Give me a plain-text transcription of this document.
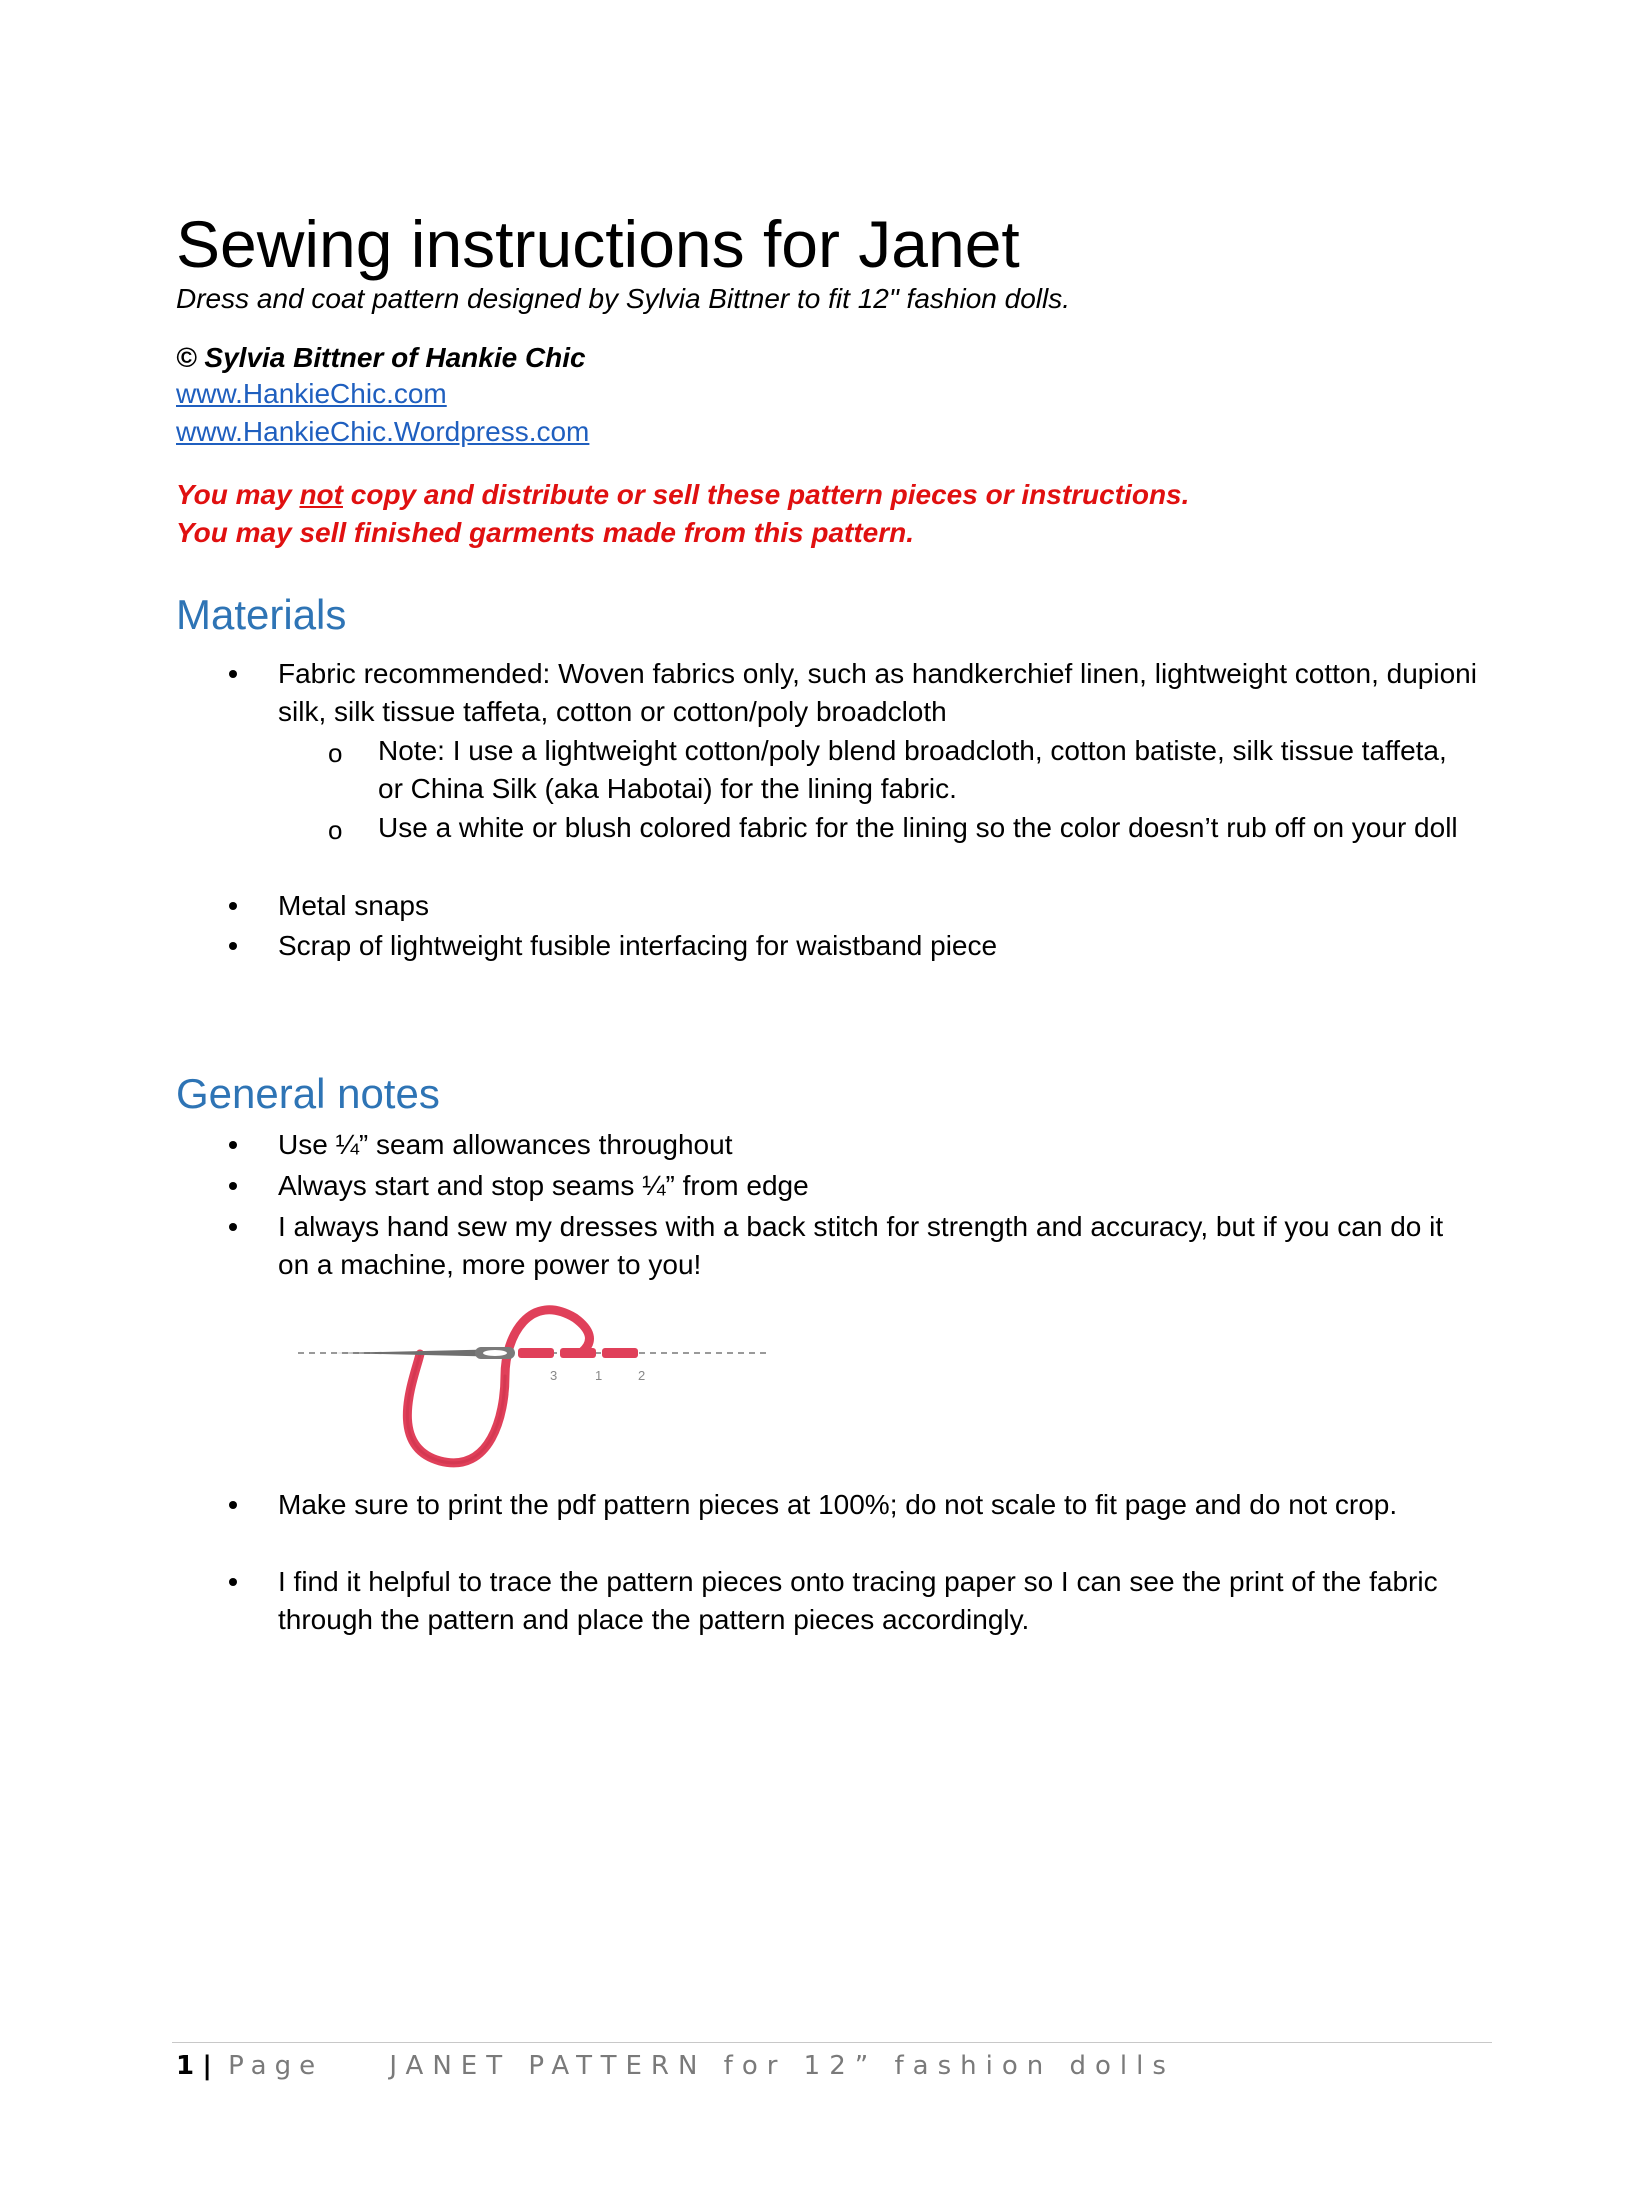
Sewing instructions for Janet
Dress and coat pattern designed by Sylvia Bittner to fit 12" fashion dolls.
© Sylvia Bittner of Hankie Chic
www.HankieChic.com
www.HankieChic.Wordpress.com
You may not copy and distribute or sell these pattern pieces or instructions.
You may sell finished garments made from this pattern.
Materials
Fabric recommended: Woven fabrics only, such as handkerchief linen, lightweight cotton, dupioni silk, silk tissue taffeta, cotton or cotton/poly broadcloth
o Note: I use a lightweight cotton/poly blend broadcloth, cotton batiste, silk tissue taffeta, or China Silk (aka Habotai) for the lining fabric.
o Use a white or blush colored fabric for the lining so the color doesn’t rub off on your doll
Metal snaps
Scrap of lightweight fusible interfacing for waistband piece
General notes
Use ¼” seam allowances throughout
Always start and stop seams ¼” from edge
I always hand sew my dresses with a back stitch for strength and accuracy, but if you can do it on a machine, more power to you!
3	1	2
Make sure to print the pdf pattern pieces at 100%; do not scale to fit page and do not crop.
I find it helpful to trace the pattern pieces onto tracing paper so I can see the print of the fabric through the pattern and place the pattern pieces accordingly.
1 | Page	JANET PATTERN for 12” fashion dolls
